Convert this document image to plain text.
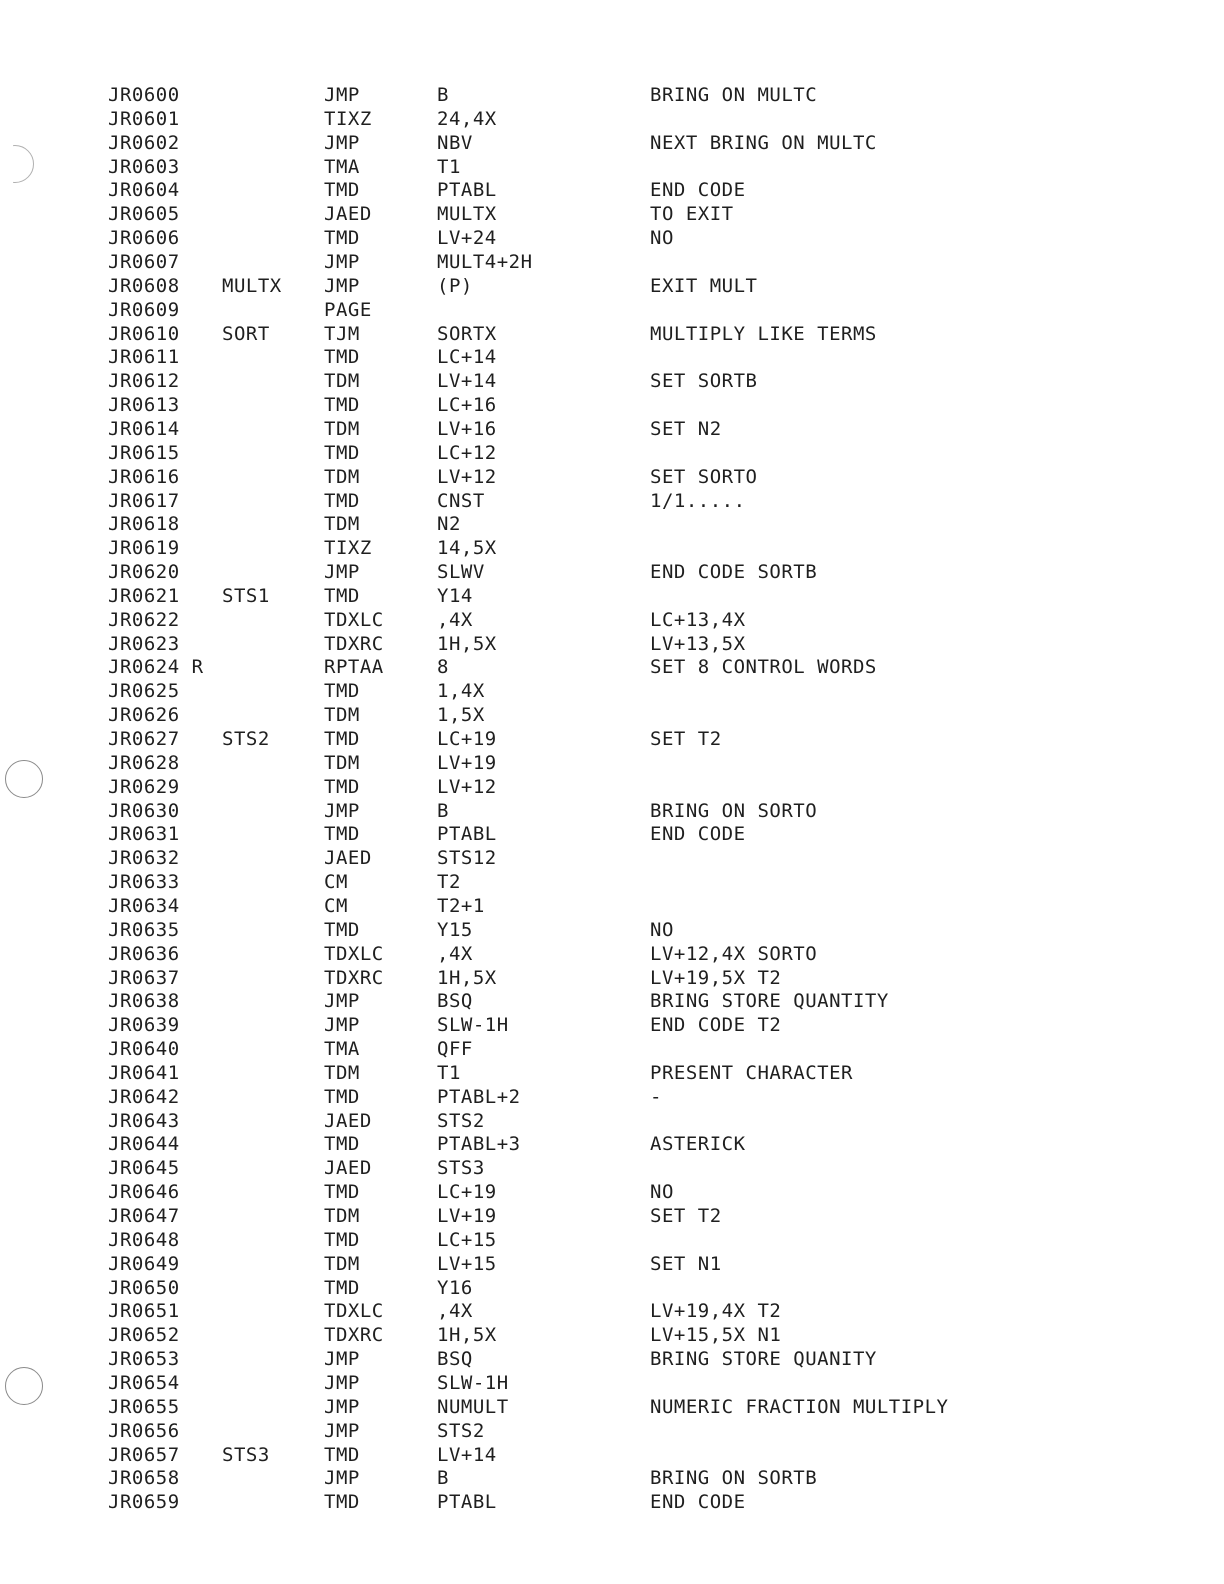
JR0600	JMP	B	BRING ON MULTC
JR0601	TIXZ	24,4X
JR0602	JMP	NBV	NEXT BRING ON MULTC
JR0603	TMA	T1
JR0604	TMD	PTABL	END CODE
JR0605	JAED	MULTX	TO EXIT
JR0606	TMD	LV+24	NO
JR0607	JMP	MULT4+2H
JR0608 MULTX JMP	(P)	EXIT MULT
JR0609	PAGE
JR0610 SORT	TJM	SORTX	MULTIPLY LIKE TERMS
JR0611	TMD	LC+14
JR0612	TDM	LV+14	SET SORTB
JR0613	TMD	LC+16
JR0614	TDM	LV+16	SET N2
JR0615	TMD	LC+12
JR0616	TDM	LV+12	SET SORTO
JR0617	TMD	CNST	1/1.....
JR0618	TDM	N2
JR0619	TIXZ	14,5X
JR0620	JMP	SLWV	END CODE SORTB
JR0621 STS1	TMD	Y14
JR0622	TDXLC	,4X	LC+13,4X
JR0623	TDXRC	1H,5X	LV+13,5X
JR0624 R	RPTAA	8	SET 8 CONTROL WORDS
JR0625	TMD	1,4X
JR0626	TDM	1,5X
JR0627 STS2	TMD	LC+19	SET T2
JR0628	TDM	LV+19
JR0629	TMD	LV+12
JR0630	JMP	B	BRING ON SORTO
JR0631	TMD	PTABL	END CODE
JR0632	JAED	STS12
JR0633	CM	T2
JR0634	CM	T2+1
JR0635	TMD	Y15	NO
JR0636	TDXLC	,4X	LV+12,4X SORTO
JR0637	TDXRC	1H,5X	LV+19,5X T2
JR0638	JMP	BSQ	BRING STORE QUANTITY
JR0639	JMP	SLW-1H	END CODE T2
JR0640	TMA	QFF
JR0641	TDM	T1	PRESENT CHARACTER
JR0642	TMD	PTABL+2	-
JR0643	JAED	STS2
JR0644	TMD	PTABL+3	ASTERICK
JR0645	JAED	STS3
JR0646	TMD	LC+19	NO
JR0647	TDM	LV+19	SET T2
JR0648	TMD	LC+15
JR0649	TDM	LV+15	SET N1
JR0650	TMD	Y16
JR0651	TDXLC	,4X	LV+19,4X T2
JR0652	TDXRC	1H,5X	LV+15,5X N1
JR0653	JMP	BSQ	BRING STORE QUANITY
JR0654	JMP	SLW-1H
JR0655	JMP	NUMULT	NUMERIC FRACTION MULTIPLY
JR0656	JMP	STS2
JR0657 STS3	TMD	LV+14
JR0658	JMP	B	BRING ON SORTB
JR0659	TMD	PTABL	END CODE
